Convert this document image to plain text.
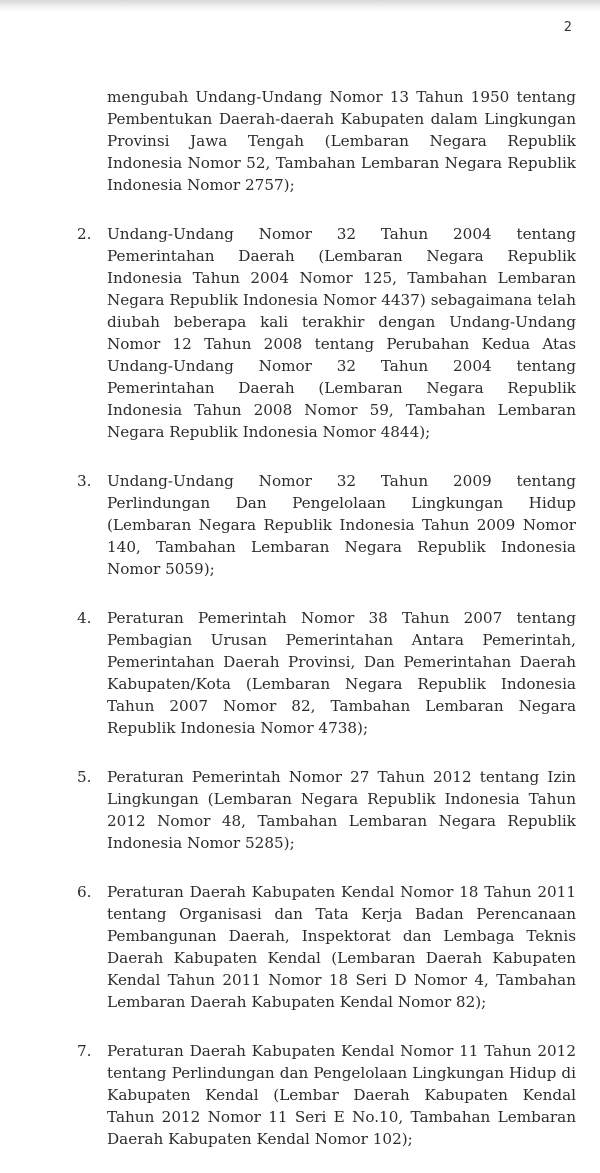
2

mengubah Undang-Undang Nomor 13 Tahun 1950 tentang Pembentukan Daerah-daerah Kabupaten dalam Lingkungan Provinsi Jawa Tengah (Lembaran Negara Republik Indonesia Nomor 52, Tambahan Lembaran Negara Republik Indonesia Nomor 2757);

2. Undang-Undang Nomor 32 Tahun 2004 tentang Pemerintahan Daerah (Lembaran Negara Republik Indonesia Tahun 2004 Nomor 125, Tambahan Lembaran Negara Republik Indonesia Nomor 4437) sebagaimana telah diubah beberapa kali terakhir dengan Undang-Undang Nomor 12 Tahun 2008 tentang Perubahan Kedua Atas Undang-Undang Nomor 32 Tahun 2004 tentang Pemerintahan Daerah (Lembaran Negara Republik Indonesia Tahun 2008 Nomor 59, Tambahan Lembaran Negara Republik Indonesia Nomor 4844);
3. Undang-Undang Nomor 32 Tahun 2009 tentang Perlindungan Dan Pengelolaan Lingkungan Hidup (Lembaran Negara Republik Indonesia Tahun 2009 Nomor 140, Tambahan Lembaran Negara Republik Indonesia Nomor 5059);
4. Peraturan Pemerintah Nomor 38 Tahun 2007 tentang Pembagian Urusan Pemerintahan Antara Pemerintah, Pemerintahan Daerah Provinsi, Dan Pemerintahan Daerah Kabupaten/Kota (Lembaran Negara Republik Indonesia Tahun 2007 Nomor 82, Tambahan Lembaran Negara Republik Indonesia Nomor 4738);
5. Peraturan Pemerintah Nomor 27 Tahun 2012 tentang Izin Lingkungan (Lembaran Negara Republik Indonesia Tahun 2012 Nomor 48, Tambahan Lembaran Negara Republik Indonesia Nomor 5285);
6. Peraturan Daerah Kabupaten Kendal Nomor 18 Tahun 2011 tentang Organisasi dan Tata Kerja Badan Perencanaan Pembangunan Daerah, Inspektorat dan Lembaga Teknis Daerah Kabupaten Kendal (Lembaran Daerah Kabupaten Kendal Tahun 2011 Nomor 18 Seri D Nomor 4, Tambahan Lembaran Daerah Kabupaten Kendal Nomor 82);
7. Peraturan Daerah Kabupaten Kendal Nomor 11 Tahun 2012 tentang Perlindungan dan Pengelolaan Lingkungan Hidup di Kabupaten Kendal (Lembar Daerah Kabupaten Kendal Tahun 2012 Nomor 11 Seri E No.10, Tambahan Lembaran Daerah Kabupaten Kendal Nomor 102);
